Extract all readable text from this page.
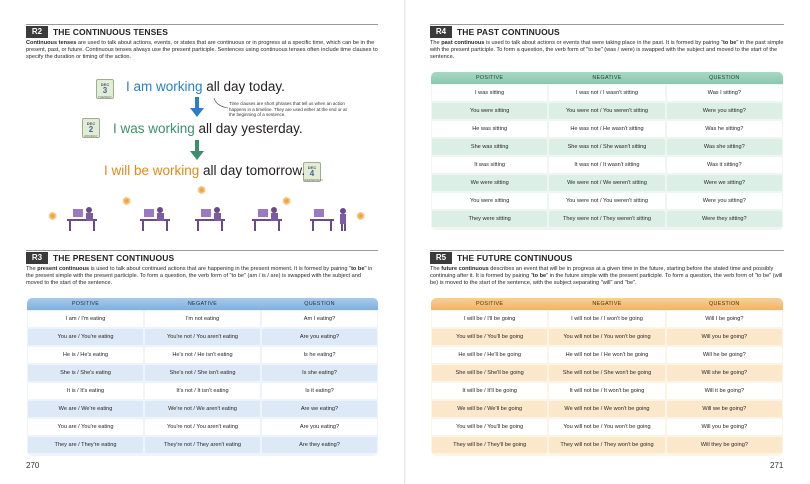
R2	THE CONTINUOUS TENSES

Continuous tenses are used to talk about actions, events, or states that are continuous or in progress at a specific time, which can be in the present, past, or future. Continuous tenses always use the present participle. Sentences using continuous tenses often include time clauses to specify the duration or timing of the action.

DEC
3
TUESDAY
DEC
2
MONDAY
DEC
4
WEDNESDAY
I am working all day today.
I was working all day yesterday.
I will be working all day tomorrow.
Time clauses are short phrases that tell us when an action happens in a timeline. They are used either at the end or at the beginning of a sentence.
✺
✺
✺
✺
✺
R3	THE PRESENT CONTINUOUS

The present continuous is used to talk about continued actions that are happening in the present moment. It is formed by pairing "to be" in the present simple with the present participle. To form a question, the verb form of "to be" (am / is / are) is swapped with the subject and moved to the start of the sentence.

POSITIVE	NEGATIVE	QUESTION
I am / I'm eating	I'm not eating	Am I eating?
You are / You're eating	You're not / You aren't eating	Are you eating?
He is / He's eating	He's not / He isn't eating	Is he eating?
She is / She's eating	She's not / She isn't eating	Is she eating?
It is / It's eating	It's not / It isn't eating	Is it eating?
We are / We're eating	We're not / We aren't eating	Are we eating?
You are / You're eating	You're not / You aren't eating	Are you eating?
They are / They're eating	They're not / They aren't eating	Are they eating?
R4	THE PAST CONTINUOUS

The past continuous is used to talk about actions or events that were taking place in the past. It is formed by pairing "to be" in the past simple with the present participle. To form a question, the verb form of "to be" (was / were) is swapped with the subject and moved to the start of the sentence.

POSITIVE	NEGATIVE	QUESTION
I was sitting	I was not / I wasn't sitting	Was I sitting?
You were sitting	You were not / You weren't sitting	Were you sitting?
He was sitting	He was not / He wasn't sitting	Was he sitting?
She was sitting	She was not / She wasn't sitting	Was she sitting?
It was sitting	It was not / It wasn't sitting	Was it sitting?
We were sitting	We were not / We weren't sitting	Were we sitting?
You were sitting	You were not / You weren't sitting	Were you sitting?
They were sitting	They were not / They weren't sitting	Were they sitting?
R5	THE FUTURE CONTINUOUS

The future continuous describes an event that will be in progress at a given time in the future, starting before the stated time and possibly continuing after it. It is formed by pairing "to be" in the future simple with the present participle. To form a question, the verb form of "to be" (will be) is moved to the start of the sentence, with the subject separating "will" and "be".

POSITIVE	NEGATIVE	QUESTION
I will be / I'll be going	I will not be / I won't be going	Will I be going?
You will be / You'll be going	You will not be / You won't be going	Will you be going?
He will be / He'll be going	He will not be / He won't be going	Will he be going?
She will be / She'll be going	She will not be / She won't be going	Will she be going?
It will be / It'll be going	It will not be / It won't be going	Will it be going?
We will be / We'll be going	We will not be / We won't be going	Will we be going?
You will be / You'll be going	You will not be / You won't be going	Will you be going?
They will be / They'll be going	They will not be / They won't be going	Will they be going?
270	271
